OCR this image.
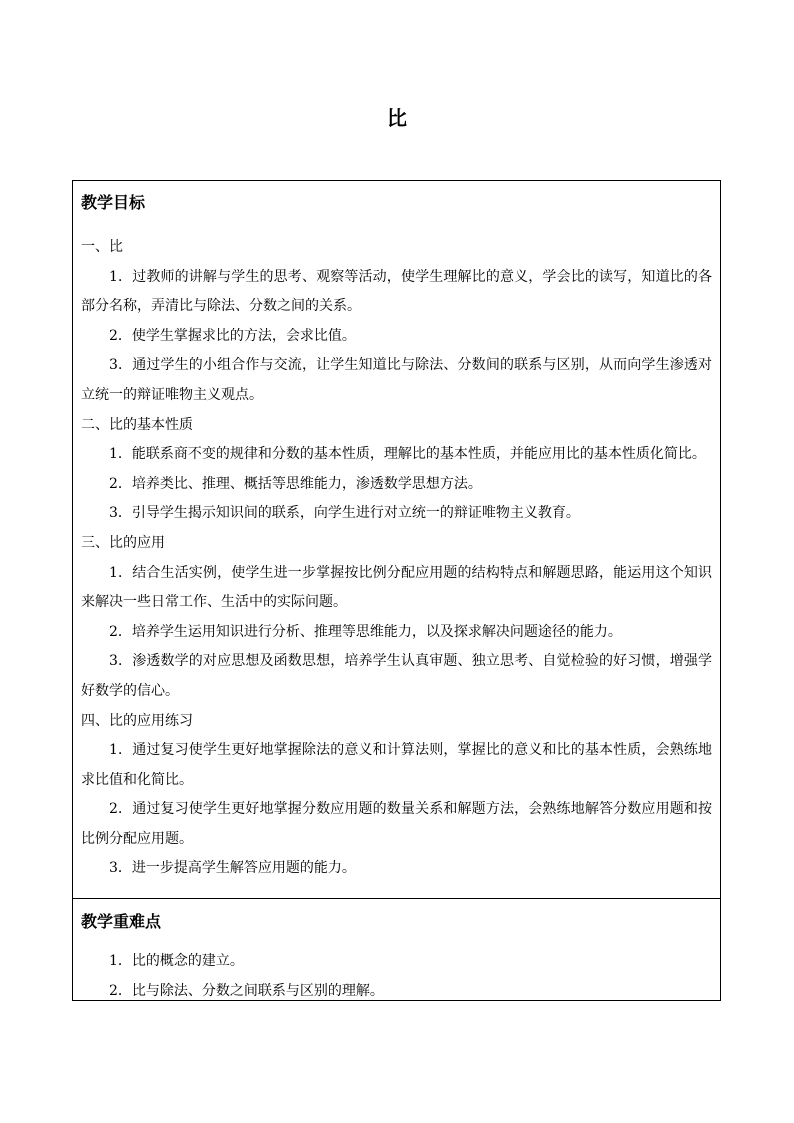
比
教学目标
一、比
1．过教师的讲解与学生的思考、观察等活动，使学生理解比的意义，学会比的读写，知道比的各部分名称，弄清比与除法、分数之间的关系。
2．使学生掌握求比的方法，会求比值。
3．通过学生的小组合作与交流，让学生知道比与除法、分数间的联系与区别，从而向学生渗透对立统一的辩证唯物主义观点。
二、比的基本性质
1．能联系商不变的规律和分数的基本性质，理解比的基本性质，并能应用比的基本性质化简比。
2．培养类比、推理、概括等思维能力，渗透数学思想方法。
3．引导学生揭示知识间的联系，向学生进行对立统一的辩证唯物主义教育。
三、比的应用
1．结合生活实例，使学生进一步掌握按比例分配应用题的结构特点和解题思路，能运用这个知识来解决一些日常工作、生活中的实际问题。
2．培养学生运用知识进行分析、推理等思维能力，以及探求解决问题途径的能力。
3．渗透数学的对应思想及函数思想，培养学生认真审题、独立思考、自觉检验的好习惯，增强学好数学的信心。
四、比的应用练习
1．通过复习使学生更好地掌握除法的意义和计算法则，掌握比的意义和比的基本性质，会熟练地求比值和化简比。
2．通过复习使学生更好地掌握分数应用题的数量关系和解题方法，会熟练地解答分数应用题和按比例分配应用题。
3．进一步提高学生解答应用题的能力。
教学重难点
1．比的概念的建立。
2．比与除法、分数之间联系与区别的理解。
